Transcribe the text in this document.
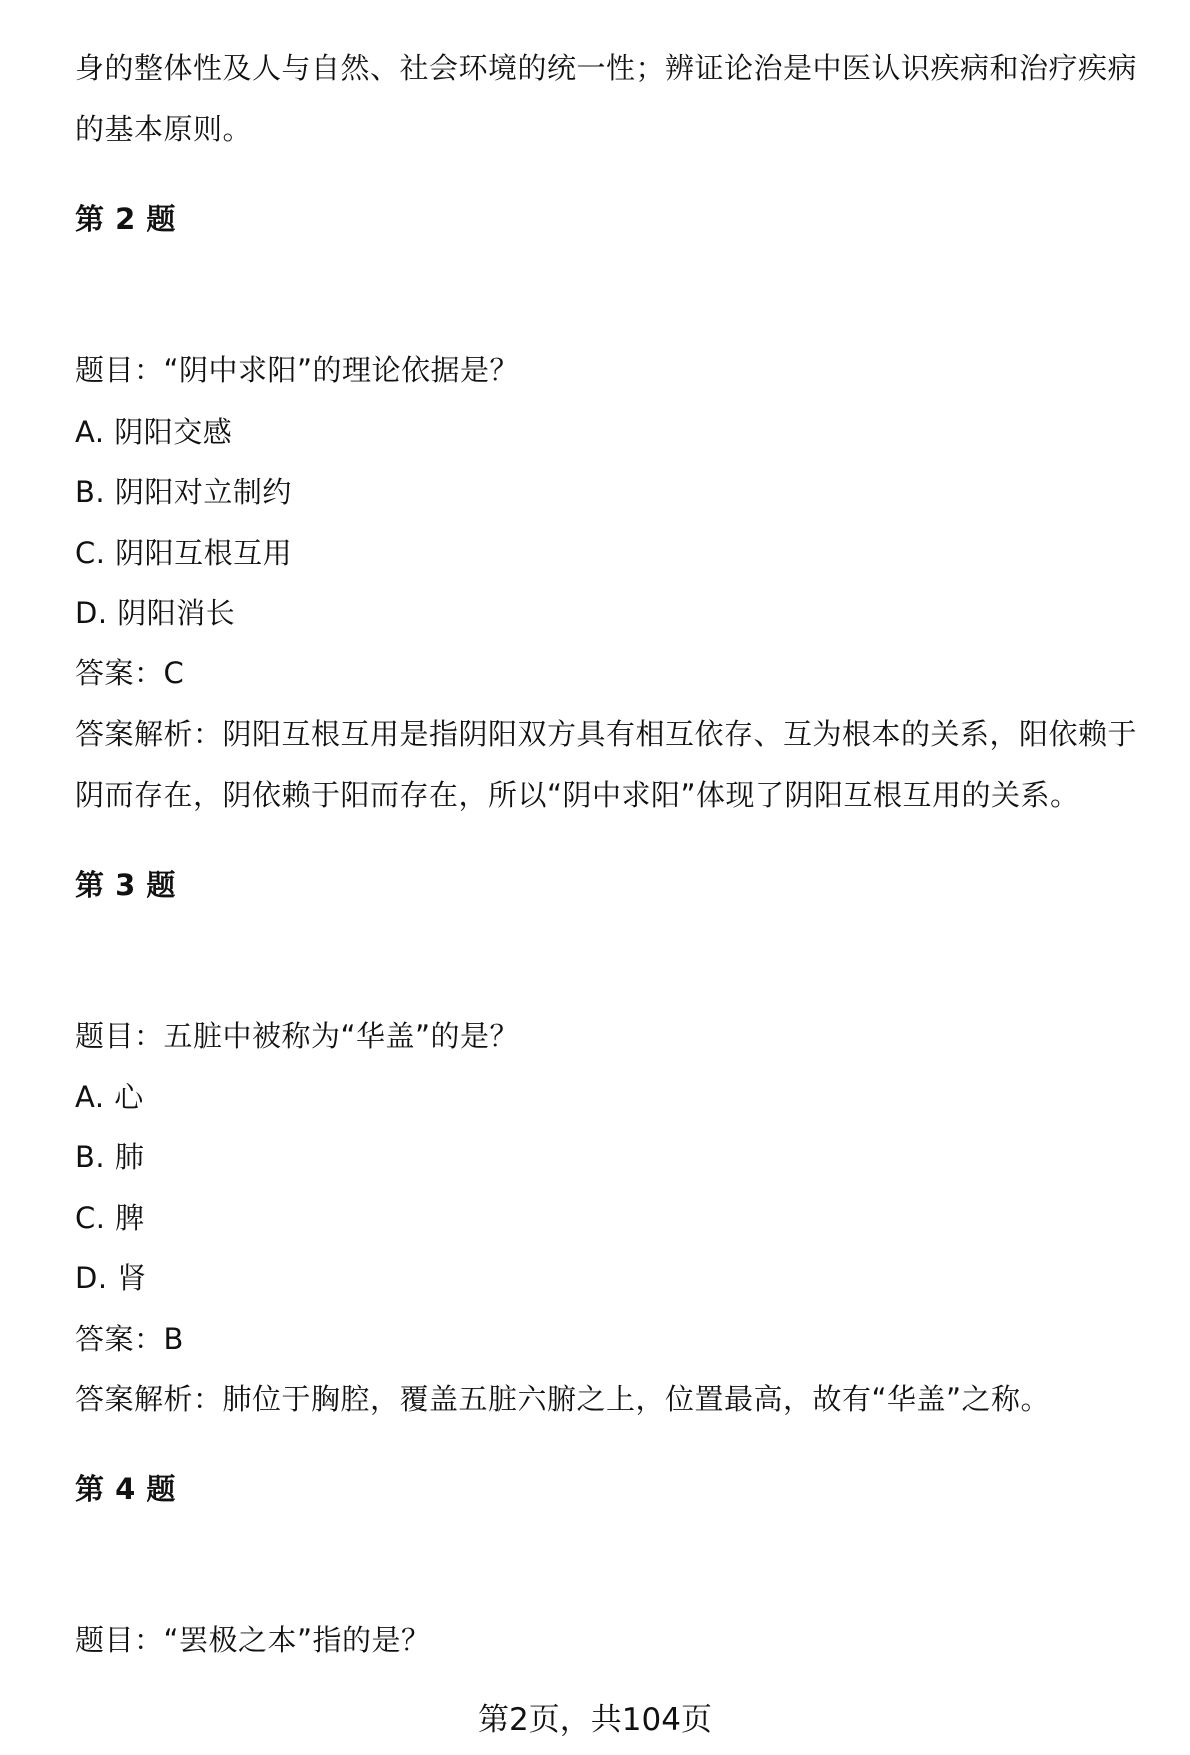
身的整体性及人与自然、社会环境的统一性；辨证论治是中医认识疾病和治疗疾病
的基本原则。
第 2 题
题目：“阴中求阳”的理论依据是？
A. 阴阳交感
B. 阴阳对立制约
C. 阴阳互根互用
D. 阴阳消长
答案：C
答案解析：阴阳互根互用是指阴阳双方具有相互依存、互为根本的关系，阳依赖于
阴而存在，阴依赖于阳而存在，所以“阴中求阳”体现了阴阳互根互用的关系。
第 3 题
题目：五脏中被称为“华盖”的是？
A. 心
B. 肺
C. 脾
D. 肾
答案：B
答案解析：肺位于胸腔，覆盖五脏六腑之上，位置最高，故有“华盖”之称。
第 4 题
题目：“罢极之本”指的是？
第2页，共104页
